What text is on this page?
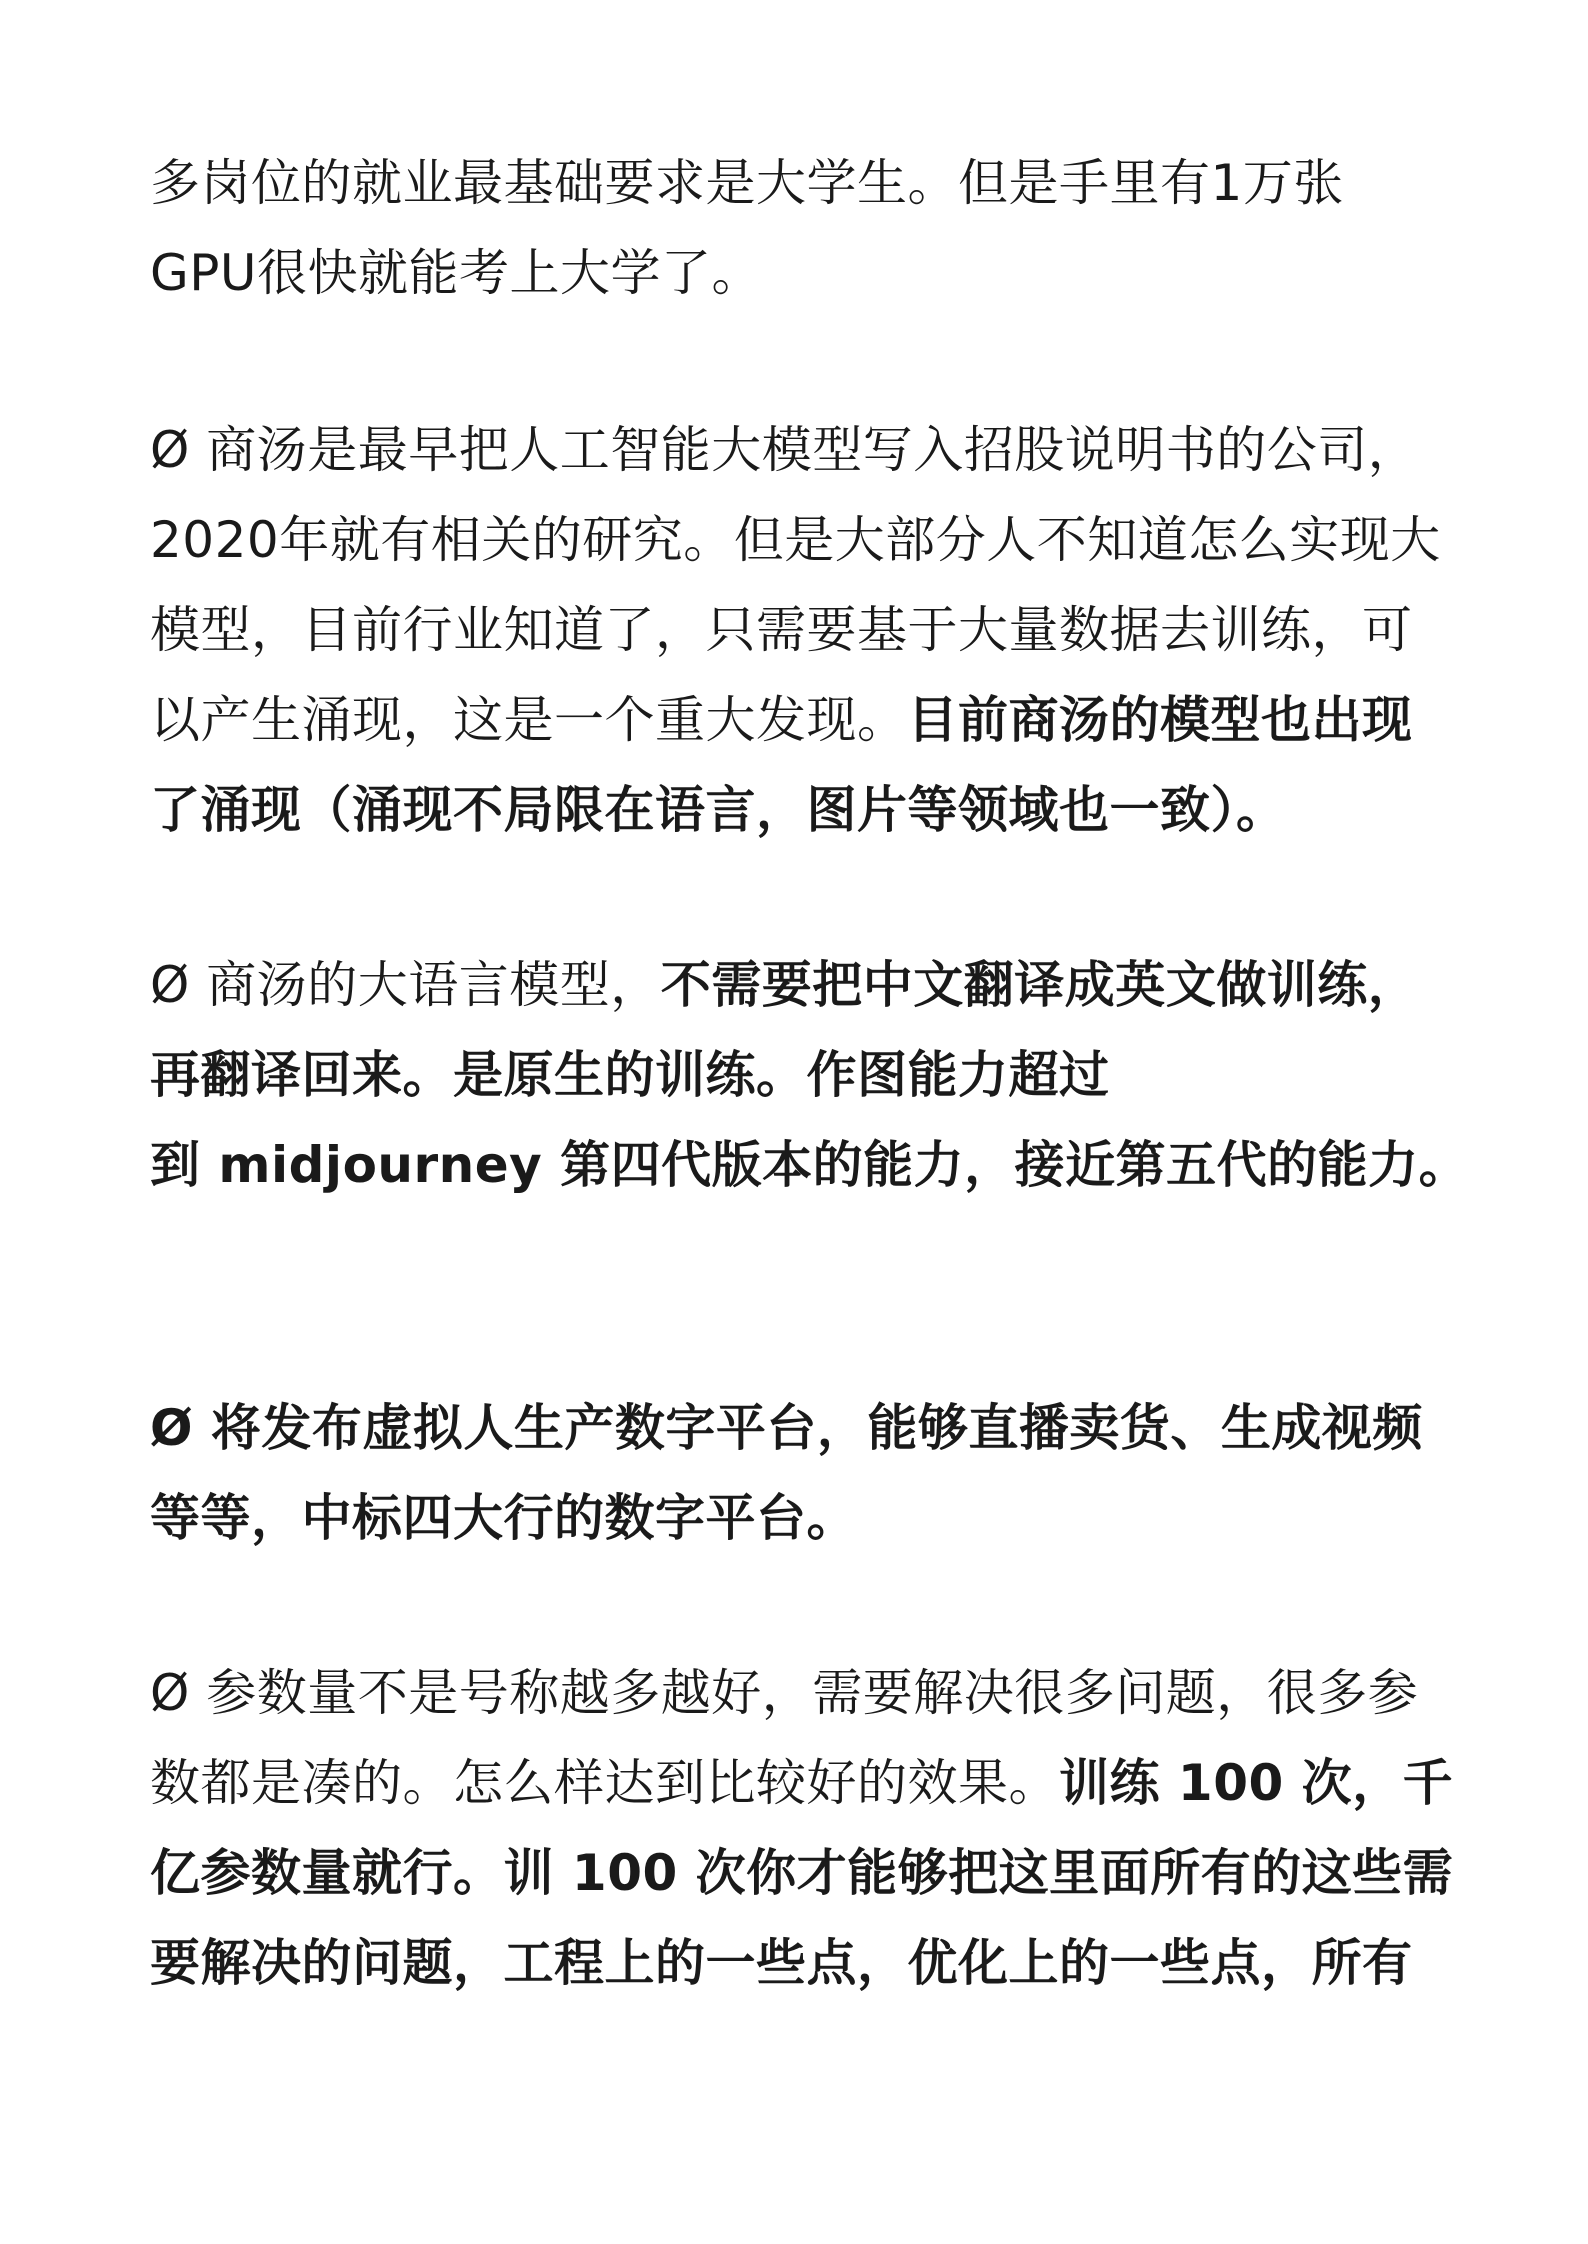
多岗位的就业最基础要求是大学生。但是手里有1万张
GPU很快就能考上大学了。
Ø 商汤是最早把人工智能大模型写入招股说明书的公司，
2020年就有相关的研究。但是大部分人不知道怎么实现大
模型，目前行业知道了，只需要基于大量数据去训练，可
以产生涌现，这是一个重大发现。目前商汤的模型也出现
了涌现（涌现不局限在语言，图片等领域也一致）。
Ø 商汤的大语言模型，不需要把中文翻译成英文做训练，
再翻译回来。是原生的训练。作图能力超过
到 midjourney 第四代版本的能力，接近第五代的能力。
Ø 将发布虚拟人生产数字平台，能够直播卖货、生成视频
等等，中标四大行的数字平台。
Ø 参数量不是号称越多越好，需要解决很多问题，很多参
数都是凑的。怎么样达到比较好的效果。训练 100 次，千
亿参数量就行。训 100 次你才能够把这里面所有的这些需
要解决的问题，工程上的一些点，优化上的一些点，所有
